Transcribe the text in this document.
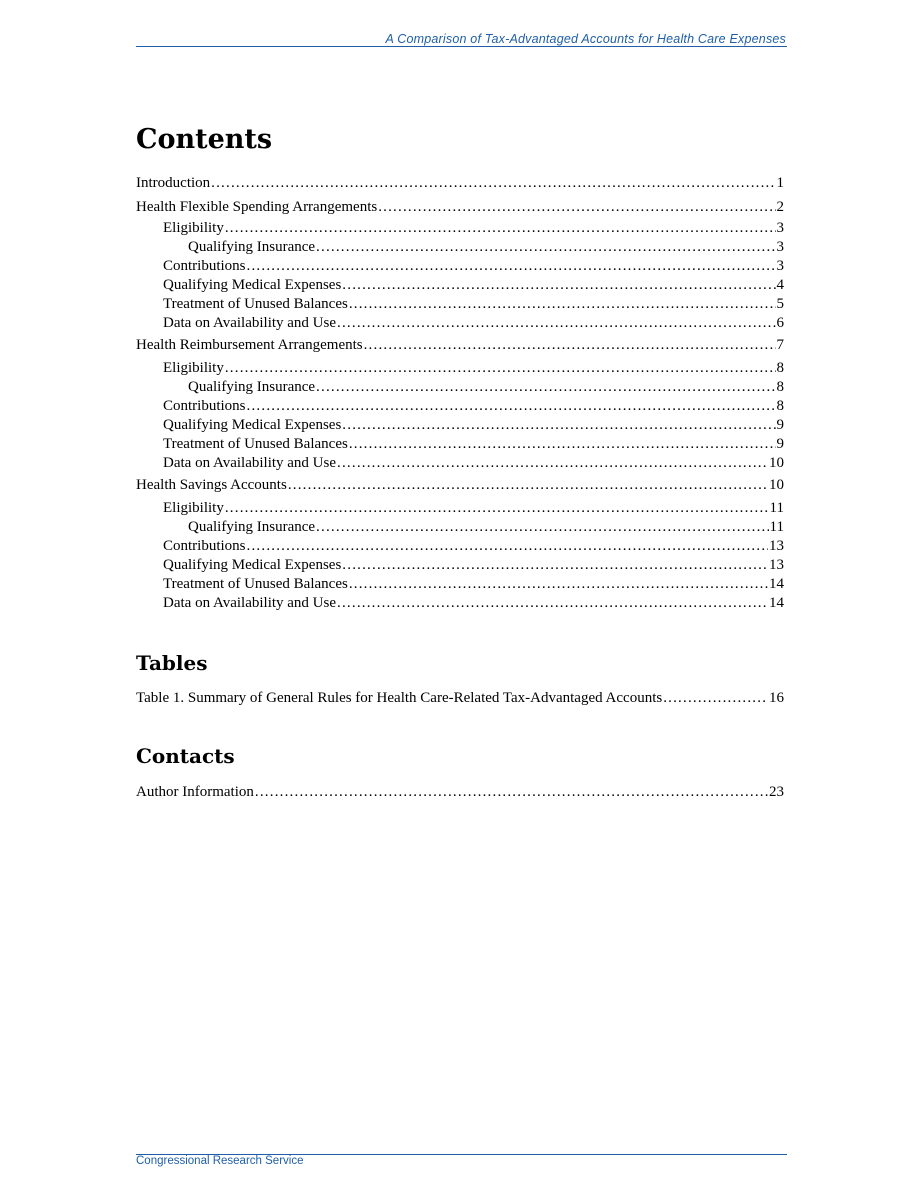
A Comparison of Tax-Advantaged Accounts for Health Care Expenses
Contents
Introduction .....	1
Health Flexible Spending Arrangements .....	2
Eligibility .....	3
Qualifying Insurance .....	3
Contributions .....	3
Qualifying Medical Expenses .....	4
Treatment of Unused Balances .....	5
Data on Availability and Use .....	6
Health Reimbursement Arrangements .....	7
Eligibility .....	8
Qualifying Insurance .....	8
Contributions .....	8
Qualifying Medical Expenses .....	9
Treatment of Unused Balances .....	9
Data on Availability and Use .....	10
Health Savings Accounts .....	10
Eligibility .....	11
Qualifying Insurance .....	11
Contributions .....	13
Qualifying Medical Expenses .....	13
Treatment of Unused Balances .....	14
Data on Availability and Use .....	14
Tables
Table 1. Summary of General Rules for Health Care-Related Tax-Advantaged Accounts .....	16
Contacts
Author Information .....	23
Congressional Research Service
